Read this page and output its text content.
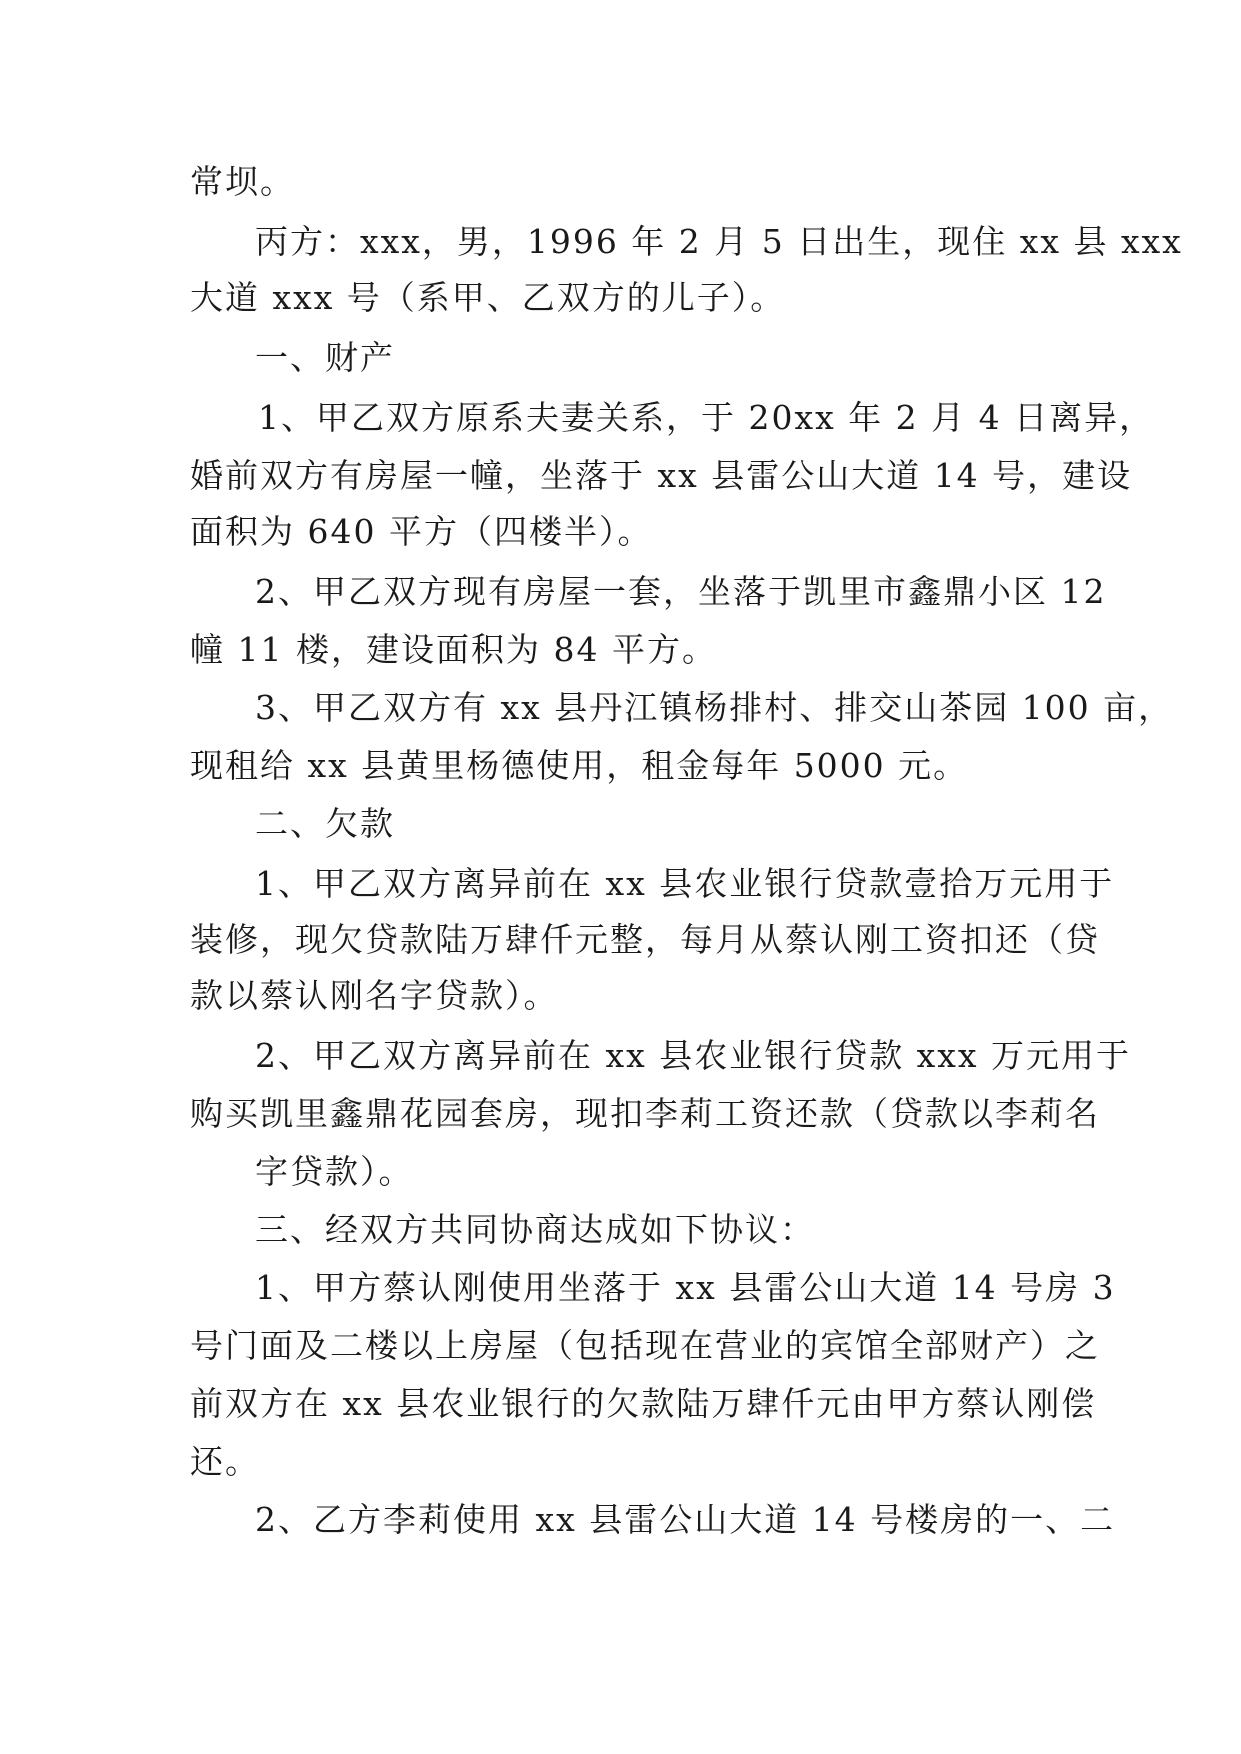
常坝。
丙方：xxx，男，1996 年 2 月 5 日出生，现住 xx 县 xxx
大道 xxx 号（系甲、乙双方的儿子）。
一、财产
1、甲乙双方原系夫妻关系，于 20xx 年 2 月 4 日离异，
婚前双方有房屋一幢，坐落于 xx 县雷公山大道 14 号，建设
面积为 640 平方（四楼半）。
2、甲乙双方现有房屋一套，坐落于凯里市鑫鼎小区 12
幢 11 楼，建设面积为 84 平方。
3、甲乙双方有 xx 县丹江镇杨排村、排交山茶园 100 亩，
现租给 xx 县黄里杨德使用，租金每年 5000 元。
二、欠款
1、甲乙双方离异前在 xx 县农业银行贷款壹拾万元用于
装修，现欠贷款陆万肆仟元整，每月从蔡认刚工资扣还（贷
款以蔡认刚名字贷款）。
2、甲乙双方离异前在 xx 县农业银行贷款 xxx 万元用于
购买凯里鑫鼎花园套房，现扣李莉工资还款（贷款以李莉名
字贷款）。
三、经双方共同协商达成如下协议：
1、甲方蔡认刚使用坐落于 xx 县雷公山大道 14 号房 3
号门面及二楼以上房屋（包括现在营业的宾馆全部财产）之
前双方在 xx 县农业银行的欠款陆万肆仟元由甲方蔡认刚偿
还。
2、乙方李莉使用 xx 县雷公山大道 14 号楼房的一、二
